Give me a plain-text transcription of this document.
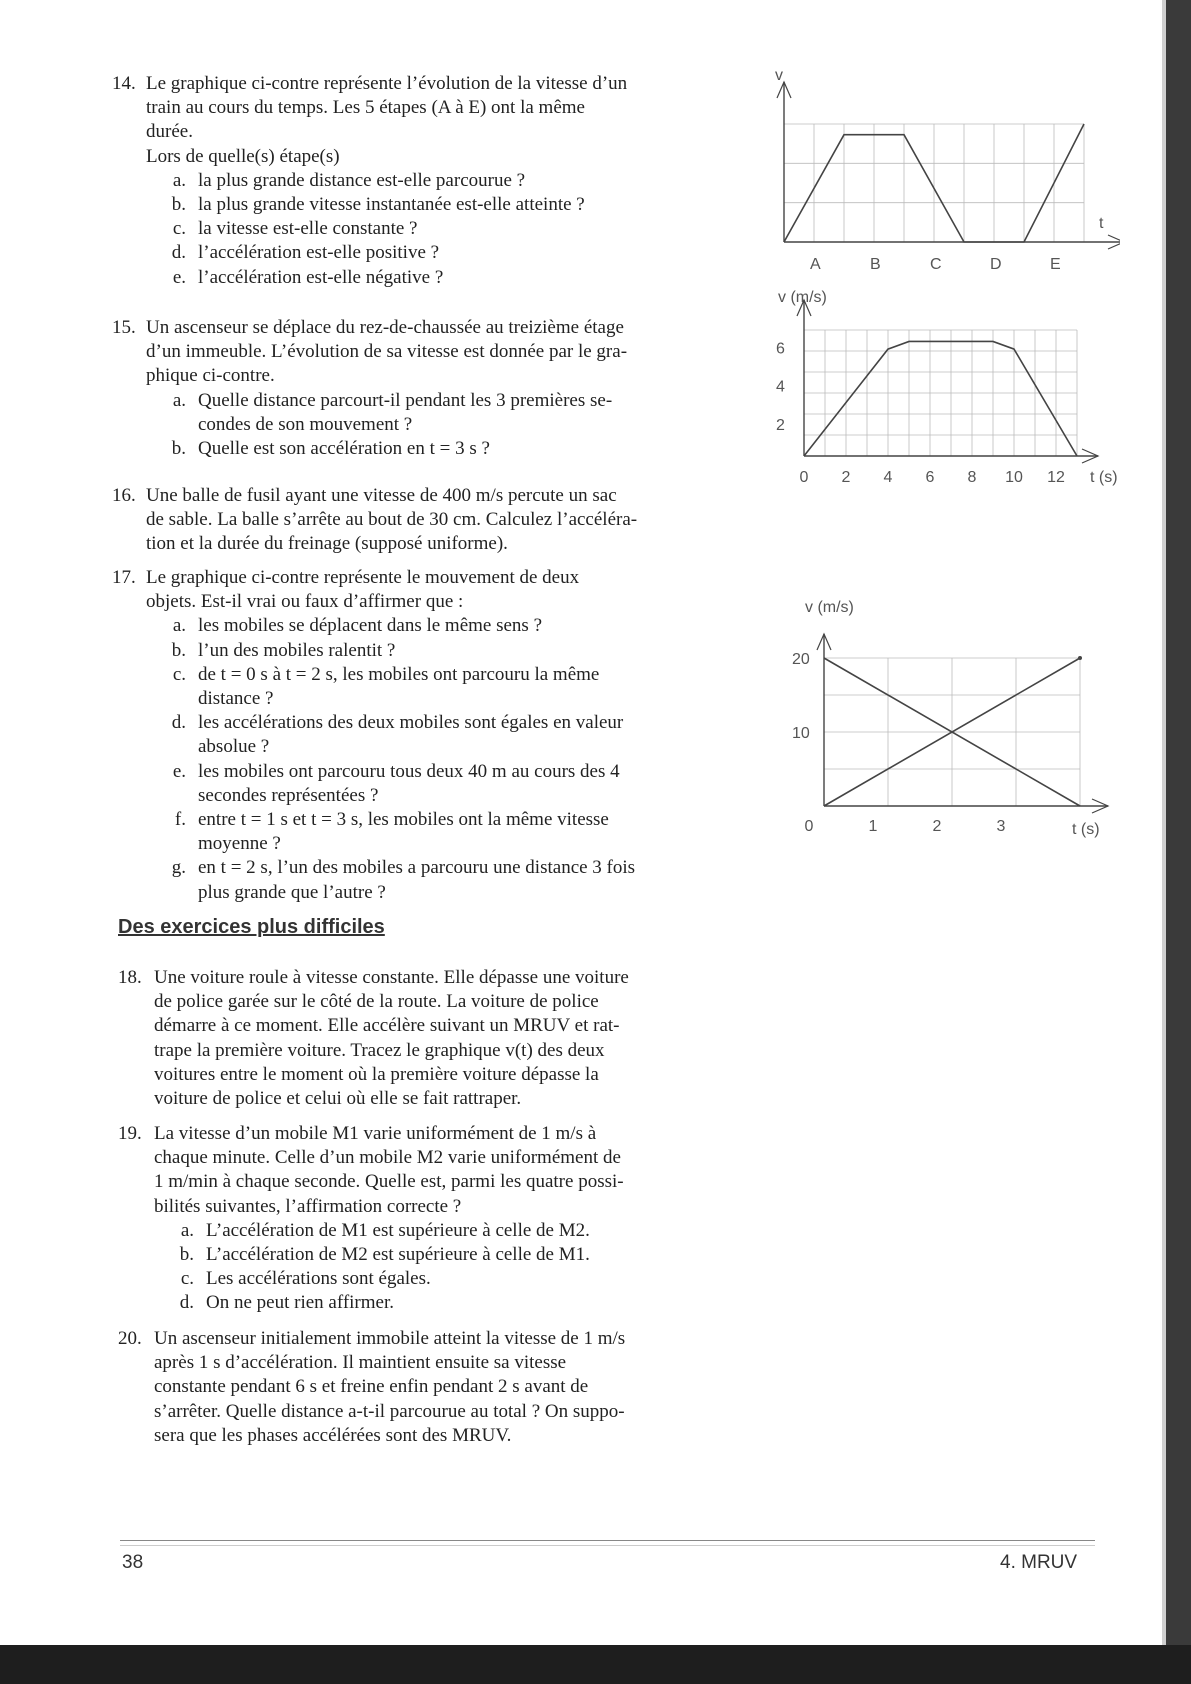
14. Le graphique ci-contre représente l’évolution de la vitesse d’un
train au cours du temps. Les 5 étapes (A à E) ont la même
durée.
Lors de quelle(s) étape(s)
a. la plus grande distance est-elle parcourue ?
b. la plus grande vitesse instantanée est-elle atteinte ?
c. la vitesse est-elle constante ?
d. l’accélération est-elle positive ?
e. l’accélération est-elle négative ?
15. Un ascenseur se déplace du rez-de-chaussée au treizième étage
d’un immeuble. L’évolution de sa vitesse est donnée par le gra-
phique ci-contre.
a. Quelle distance parcourt-il pendant les 3 premières se-
condes de son mouvement ?
b. Quelle est son accélération en t = 3 s ?
16. Une balle de fusil ayant une vitesse de 400 m/s percute un sac
de sable. La balle s’arrête au bout de 30 cm. Calculez l’accéléra-
tion et la durée du freinage (supposé uniforme).
17. Le graphique ci-contre représente le mouvement de deux
objets. Est-il vrai ou faux d’affirmer que :
a. les mobiles se déplacent dans le même sens ?
b. l’un des mobiles ralentit ?
c. de t = 0 s à t = 2 s, les mobiles ont parcouru la même
distance ?
d. les accélérations des deux mobiles sont égales en valeur
absolue ?
e. les mobiles ont parcouru tous deux 40 m au cours des 4
secondes représentées ?
f. entre t = 1 s et t = 3 s, les mobiles ont la même vitesse
moyenne ?
g. en t = 2 s, l’un des mobiles a parcouru une distance 3 fois
plus grande que l’autre ?
Des exercices plus difficiles
18. Une voiture roule à vitesse constante. Elle dépasse une voiture
de police garée sur le côté de la route. La voiture de police
démarre à ce moment. Elle accélère suivant un MRUV et rat-
trape la première voiture. Tracez le graphique v(t) des deux
voitures entre le moment où la première voiture dépasse la
voiture de police et celui où elle se fait rattraper.
19. La vitesse d’un mobile M1 varie uniformément de 1 m/s à
chaque minute. Celle d’un mobile M2 varie uniformément de
1 m/min à chaque seconde. Quelle est, parmi les quatre possi-
bilités suivantes, l’affirmation correcte ?
a. L’accélération de M1 est supérieure à celle de M2.
b. L’accélération de M2 est supérieure à celle de M1.
c. Les accélérations sont égales.
d. On ne peut rien affirmer.
20. Un ascenseur initialement immobile atteint la vitesse de 1 m/s
après 1 s d’accélération. Il maintient ensuite sa vitesse
constante pendant 6 s et freine enfin pendant 2 s avant de
s’arrêter. Quelle distance a-t-il parcourue au total ? On suppo-
sera que les phases accélérées sont des MRUV.
38	4. MRUV
v
t
A	B	C	D	E
v (m/s)
t (s)
0 2 4 6 8 10 12
2
4
6
v (m/s)
t (s)
0	1	2	3
10
20
